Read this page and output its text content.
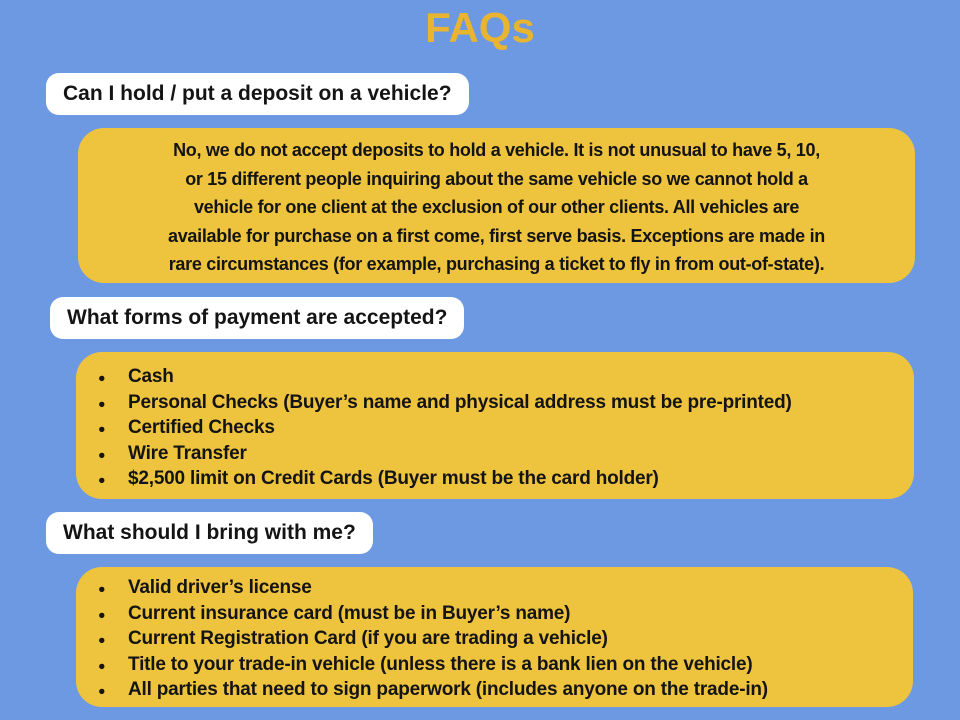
FAQs
Can I hold / put a deposit on a vehicle?
No, we do not accept deposits to hold a vehicle. It is not unusual to have 5, 10,
or 15 different people inquiring about the same vehicle so we cannot hold a
vehicle for one client at the exclusion of our other clients. All vehicles are
available for purchase on a first come, first serve basis. Exceptions are made in
rare circumstances (for example, purchasing a ticket to fly in from out-of-state).
What forms of payment are accepted?
●	Cash
●	Personal Checks (Buyer’s name and physical address must be pre-printed)
●	Certified Checks
●	Wire Transfer
●	$2,500 limit on Credit Cards (Buyer must be the card holder)
What should I bring with me?
●	Valid driver’s license
●	Current insurance card (must be in Buyer’s name)
●	Current Registration Card (if you are trading a vehicle)
●	Title to your trade-in vehicle (unless there is a bank lien on the vehicle)
●	All parties that need to sign paperwork (includes anyone on the trade-in)
